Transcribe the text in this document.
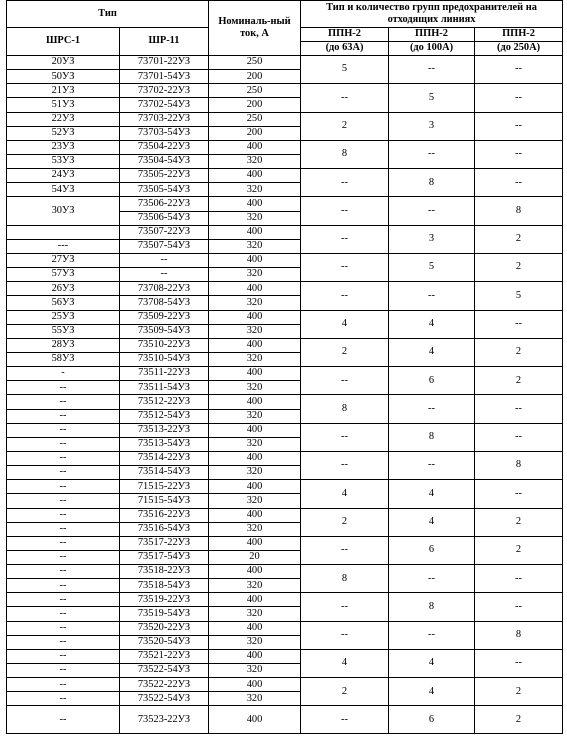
Тип		Номиналь-ный ток, А	Тип и количество групп предохранителей на отходящих линиях		
ШРС-1	ШР-11		ППН-2	ППН-2	ППН-2
			(до 63А)	(до 100А)	(до 250А)
20УЗ	73701-22УЗ	250	5	--	--
50УЗ	73701-54УЗ	200			
21УЗ	73702-22УЗ	250	--	5	--
51УЗ	73702-54УЗ	200			
22УЗ	73703-22УЗ	250	2	3	--
52УЗ	73703-54УЗ	200			
23УЗ	73504-22УЗ	400	8	--	--
53УЗ	73504-54УЗ	320			
24УЗ	73505-22УЗ	400	--	8	--
54УЗ	73505-54УЗ	320			
30УЗ	73506-22УЗ	400	--	--	8
	73506-54УЗ	320			
	73507-22УЗ	400	--	3	2
---	73507-54УЗ	320			
27УЗ	--	400	--	5	2
57УЗ	--	320			
26УЗ	73708-22УЗ	400	--	--	5
56УЗ	73708-54УЗ	320			
25УЗ	73509-22УЗ	400	4	4	--
55УЗ	73509-54УЗ	320			
28УЗ	73510-22УЗ	400	2	4	2
58УЗ	73510-54УЗ	320			
-	73511-22УЗ	400	--	6	2
--	73511-54УЗ	320			
--	73512-22УЗ	400	8	--	--
--	73512-54УЗ	320			
--	73513-22УЗ	400	--	8	--
--	73513-54УЗ	320			
--	73514-22УЗ	400	--	--	8
--	73514-54УЗ	320			
--	71515-22УЗ	400	4	4	--
--	71515-54УЗ	320			
--	73516-22УЗ	400	2	4	2
--	73516-54УЗ	320			
--	73517-22УЗ	400	--	6	2
--	73517-54УЗ	20			
--	73518-22УЗ	400	8	--	--
--	73518-54УЗ	320			
--	73519-22УЗ	400	--	8	--
--	73519-54УЗ	320			
--	73520-22УЗ	400	--	--	8
--	73520-54УЗ	320			
--	73521-22УЗ	400	4	4	--
--	73522-54УЗ	320			
--	73522-22УЗ	400	2	4	2
--	73522-54УЗ	320			
--	73523-22УЗ	400	--	6	2
